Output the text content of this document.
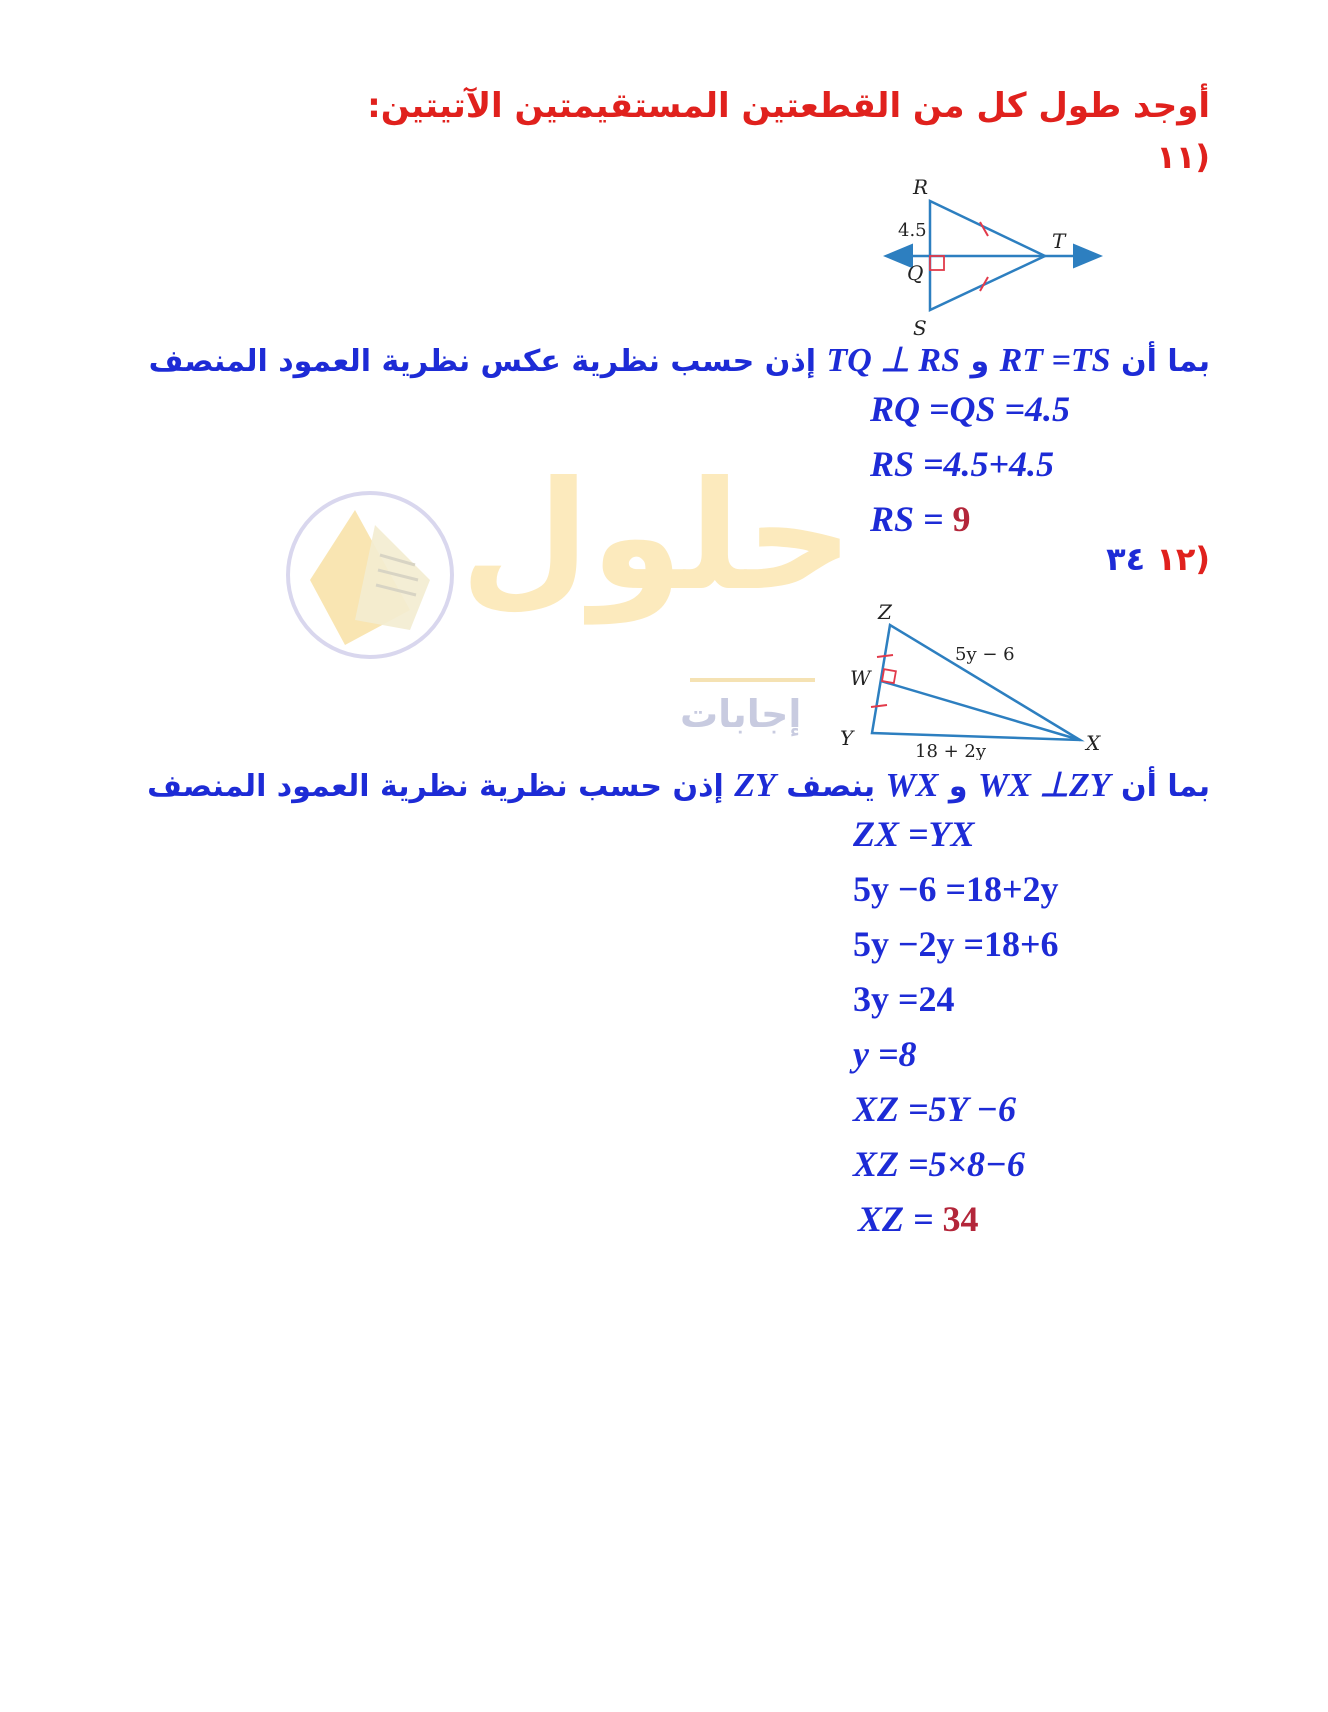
حلول
إجابات
أوجد طول كل من القطعتين المستقيمتين الآتيتين:
(١١
R
T
Q
S
4.5
بما أن RT =TS و TQ ⊥ RS إذن حسب نظرية عكس نظرية العمود المنصف
RQ =QS =4.5
RS =4.5+4.5
RS = 9
(١٢ ٣٤
Z
W
Y	X
5y − 6
18 + 2y
بما أن WX ⊥ZY و WX ينصف ZY إذن حسب نظرية نظرية العمود المنصف
ZX =YX
5y −6 =18+2y
5y −2y =18+6
3y =24
y =8
XZ =5Y −6
XZ =5×8−6
XZ = 34
